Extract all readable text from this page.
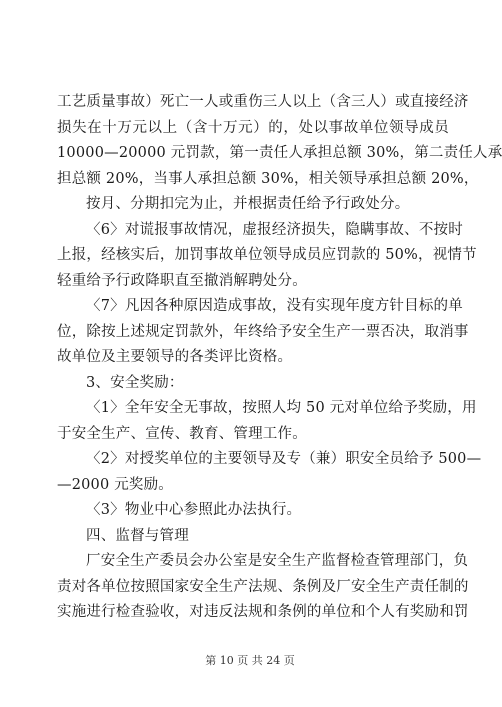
工艺质量事故）死亡一人或重伤三人以上（含三人）或直接经济
损失在十万元以上（含十万元）的，处以事故单位领导成员
10000—20000 元罚款，第一责任人承担总额 30%，第二责任人承
担总额 20%，当事人承担总额 30%，相关领导承担总额 20%，
按月、分期扣完为止，并根据责任给予行政处分。
〈6〉对谎报事故情况，虚报经济损失，隐瞒事故、不按时
上报，经核实后，加罚事故单位领导成员应罚款的 50%，视情节
轻重给予行政降职直至撤消解聘处分。
〈7〉凡因各种原因造成事故，没有实现年度方针目标的单
位，除按上述规定罚款外，年终给予安全生产一票否决，取消事
故单位及主要领导的各类评比资格。
3、安全奖励：
〈1〉全年安全无事故，按照人均 50 元对单位给予奖励，用
于安全生产、宣传、教育、管理工作。
〈2〉对授奖单位的主要领导及专（兼）职安全员给予 500—
—2000 元奖励。
〈3〉物业中心参照此办法执行。
四、监督与管理
厂安全生产委员会办公室是安全生产监督检查管理部门，负
责对各单位按照国家安全生产法规、条例及厂安全生产责任制的
实施进行检查验收，对违反法规和条例的单位和个人有奖励和罚
第 10 页 共 24 页
